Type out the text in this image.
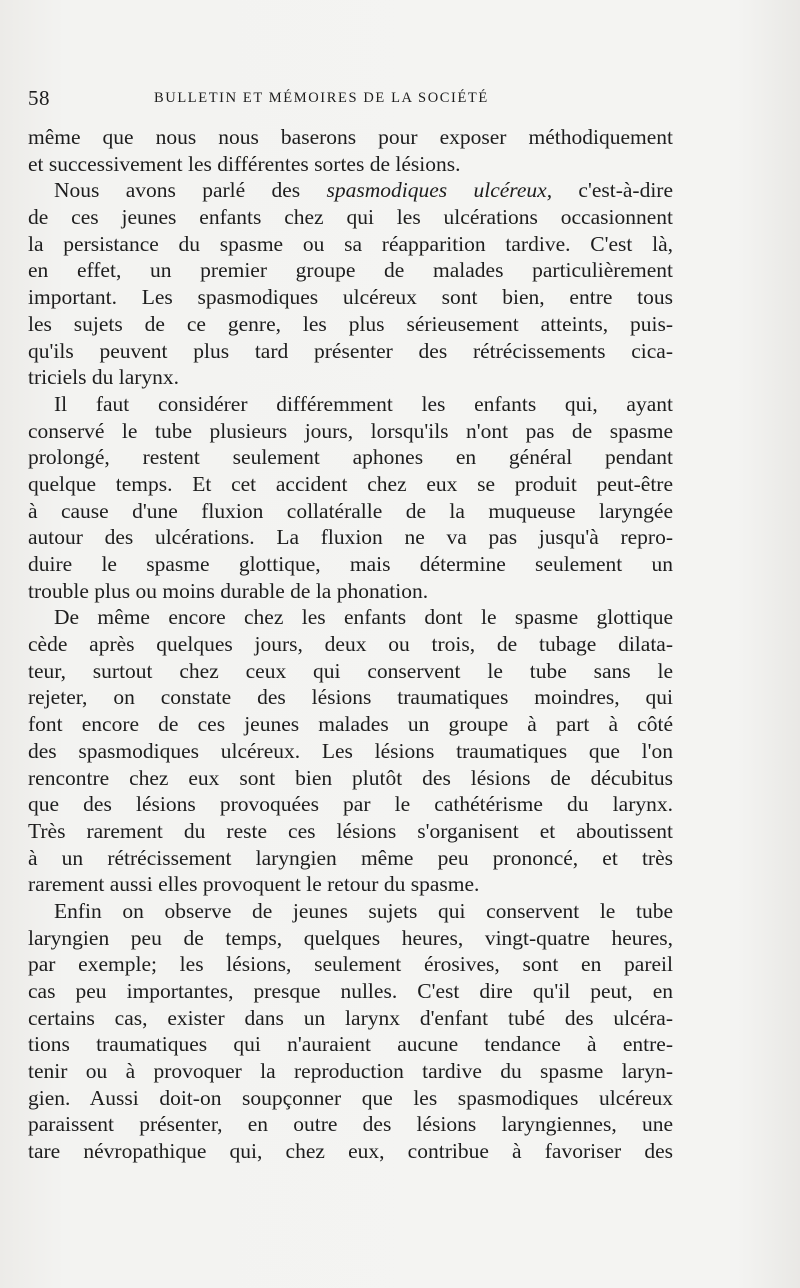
58	BULLETIN ET MÉMOIRES DE LA SOCIÉTÉ
même que nous nous baserons pour exposer méthodiquement
et successivement les différentes sortes de lésions.
Nous avons parlé des spasmodiques ulcéreux, c'est-à-dire
de ces jeunes enfants chez qui les ulcérations occasionnent
la persistance du spasme ou sa réapparition tardive. C'est là,
en effet, un premier groupe de malades particulièrement
important. Les spasmodiques ulcéreux sont bien, entre tous
les sujets de ce genre, les plus sérieusement atteints, puis-
qu'ils peuvent plus tard présenter des rétrécissements cica-
triciels du larynx.
Il faut considérer différemment les enfants qui, ayant
conservé le tube plusieurs jours, lorsqu'ils n'ont pas de spasme
prolongé, restent seulement aphones en général pendant
quelque temps. Et cet accident chez eux se produit peut-être
à cause d'une fluxion collatéralle de la muqueuse laryngée
autour des ulcérations. La fluxion ne va pas jusqu'à repro-
duire le spasme glottique, mais détermine seulement un
trouble plus ou moins durable de la phonation.
De même encore chez les enfants dont le spasme glottique
cède après quelques jours, deux ou trois, de tubage dilata-
teur, surtout chez ceux qui conservent le tube sans le
rejeter, on constate des lésions traumatiques moindres, qui
font encore de ces jeunes malades un groupe à part à côté
des spasmodiques ulcéreux. Les lésions traumatiques que l'on
rencontre chez eux sont bien plutôt des lésions de décubitus
que des lésions provoquées par le cathétérisme du larynx.
Très rarement du reste ces lésions s'organisent et aboutissent
à un rétrécissement laryngien même peu prononcé, et très
rarement aussi elles provoquent le retour du spasme.
Enfin on observe de jeunes sujets qui conservent le tube
laryngien peu de temps, quelques heures, vingt-quatre heures,
par exemple; les lésions, seulement érosives, sont en pareil
cas peu importantes, presque nulles. C'est dire qu'il peut, en
certains cas, exister dans un larynx d'enfant tubé des ulcéra-
tions traumatiques qui n'auraient aucune tendance à entre-
tenir ou à provoquer la reproduction tardive du spasme laryn-
gien. Aussi doit-on soupçonner que les spasmodiques ulcéreux
paraissent présenter, en outre des lésions laryngiennes, une
tare névropathique qui, chez eux, contribue à favoriser des
